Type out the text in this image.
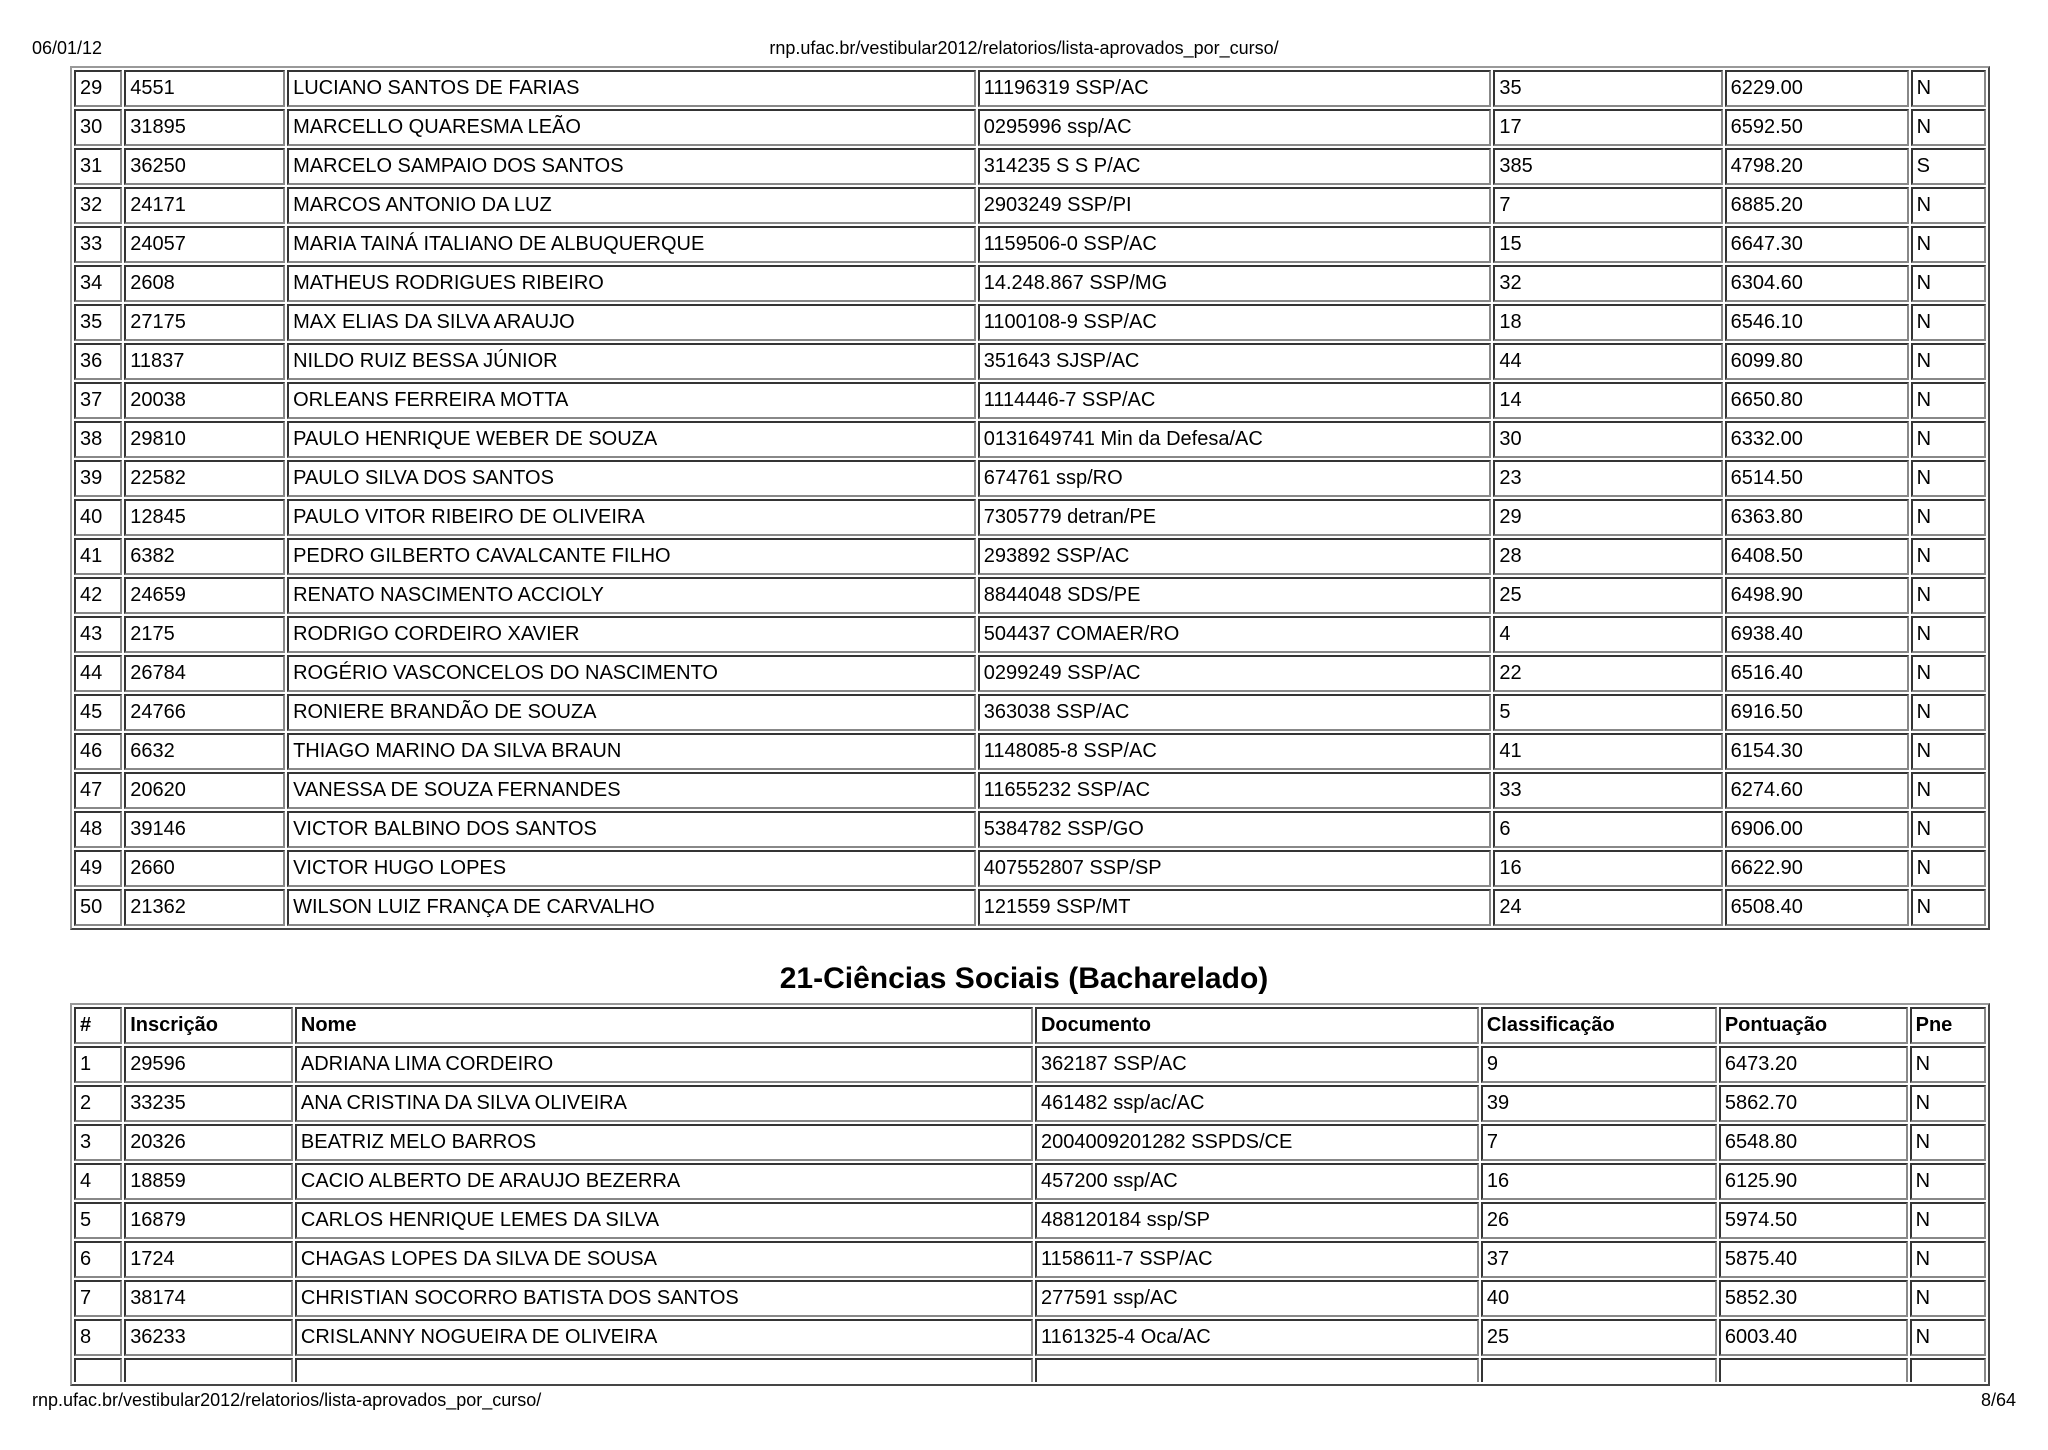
06/01/12	rnp.ufac.br/vestibular2012/relatorios/lista-aprovados_por_curso/
29	4551	LUCIANO SANTOS DE FARIAS	11196319 SSP/AC	35	6229.00	N
30	31895	MARCELLO QUARESMA LEÃO	0295996 ssp/AC	17	6592.50	N
31	36250	MARCELO SAMPAIO DOS SANTOS	314235 S S P/AC	385	4798.20	S
32	24171	MARCOS ANTONIO DA LUZ	2903249 SSP/PI	7	6885.20	N
33	24057	MARIA TAINÁ ITALIANO DE ALBUQUERQUE	1159506-0 SSP/AC	15	6647.30	N
34	2608	MATHEUS RODRIGUES RIBEIRO	14.248.867 SSP/MG	32	6304.60	N
35	27175	MAX ELIAS DA SILVA ARAUJO	1100108-9 SSP/AC	18	6546.10	N
36	11837	NILDO RUIZ BESSA JÚNIOR	351643 SJSP/AC	44	6099.80	N
37	20038	ORLEANS FERREIRA MOTTA	1114446-7 SSP/AC	14	6650.80	N
38	29810	PAULO HENRIQUE WEBER DE SOUZA	0131649741 Min da Defesa/AC	30	6332.00	N
39	22582	PAULO SILVA DOS SANTOS	674761 ssp/RO	23	6514.50	N
40	12845	PAULO VITOR RIBEIRO DE OLIVEIRA	7305779 detran/PE	29	6363.80	N
41	6382	PEDRO GILBERTO CAVALCANTE FILHO	293892 SSP/AC	28	6408.50	N
42	24659	RENATO NASCIMENTO ACCIOLY	8844048 SDS/PE	25	6498.90	N
43	2175	RODRIGO CORDEIRO XAVIER	504437 COMAER/RO	4	6938.40	N
44	26784	ROGÉRIO VASCONCELOS DO NASCIMENTO	0299249 SSP/AC	22	6516.40	N
45	24766	RONIERE BRANDÃO DE SOUZA	363038 SSP/AC	5	6916.50	N
46	6632	THIAGO MARINO DA SILVA BRAUN	1148085-8 SSP/AC	41	6154.30	N
47	20620	VANESSA DE SOUZA FERNANDES	11655232 SSP/AC	33	6274.60	N
48	39146	VICTOR BALBINO DOS SANTOS	5384782 SSP/GO	6	6906.00	N
49	2660	VICTOR HUGO LOPES	407552807 SSP/SP	16	6622.90	N
50	21362	WILSON LUIZ FRANÇA DE CARVALHO	121559 SSP/MT	24	6508.40	N
21-Ciências Sociais (Bacharelado)
#	Inscrição	Nome	Documento	Classificação	Pontuação	Pne
1	29596	ADRIANA LIMA CORDEIRO	362187 SSP/AC	9	6473.20	N
2	33235	ANA CRISTINA DA SILVA OLIVEIRA	461482 ssp/ac/AC	39	5862.70	N
3	20326	BEATRIZ MELO BARROS	2004009201282 SSPDS/CE	7	6548.80	N
4	18859	CACIO ALBERTO DE ARAUJO BEZERRA	457200 ssp/AC	16	6125.90	N
5	16879	CARLOS HENRIQUE LEMES DA SILVA	488120184 ssp/SP	26	5974.50	N
6	1724	CHAGAS LOPES DA SILVA DE SOUSA	1158611-7 SSP/AC	37	5875.40	N
7	38174	CHRISTIAN SOCORRO BATISTA DOS SANTOS	277591 ssp/AC	40	5852.30	N
8	36233	CRISLANNY NOGUEIRA DE OLIVEIRA	1161325-4 Oca/AC	25	6003.40	N

rnp.ufac.br/vestibular2012/relatorios/lista-aprovados_por_curso/	8/64
